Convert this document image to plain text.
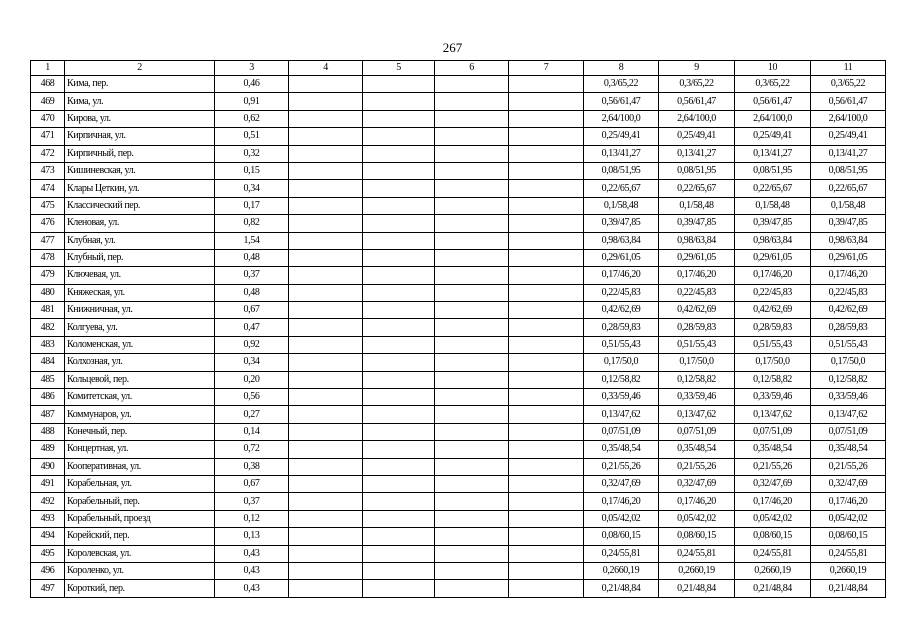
267
1	2	3	4	5	6	7	8	9	10	11
468	Кима, пер.	0,46					0,3/65,22	0,3/65,22	0,3/65,22	0,3/65,22
469	Кима, ул.	0,91					0,56/61,47	0,56/61,47	0,56/61,47	0,56/61,47
470	Кирова, ул.	0,62					2,64/100,0	2,64/100,0	2,64/100,0	2,64/100,0
471	Кирпичная, ул.	0,51					0,25/49,41	0,25/49,41	0,25/49,41	0,25/49,41
472	Кирпичный, пер.	0,32					0,13/41,27	0,13/41,27	0,13/41,27	0,13/41,27
473	Кишиневская, ул.	0,15					0,08/51,95	0,08/51,95	0,08/51,95	0,08/51,95
474	Клары Цеткин, ул.	0,34					0,22/65,67	0,22/65,67	0,22/65,67	0,22/65,67
475	Классический пер.	0,17					0,1/58,48	0,1/58,48	0,1/58,48	0,1/58,48
476	Кленовая, ул.	0,82					0,39/47,85	0,39/47,85	0,39/47,85	0,39/47,85
477	Клубная, ул.	1,54					0,98/63,84	0,98/63,84	0,98/63,84	0,98/63,84
478	Клубный, пер.	0,48					0,29/61,05	0,29/61,05	0,29/61,05	0,29/61,05
479	Ключевая, ул.	0,37					0,17/46,20	0,17/46,20	0,17/46,20	0,17/46,20
480	Княжеская, ул.	0,48					0,22/45,83	0,22/45,83	0,22/45,83	0,22/45,83
481	Книжничная, ул.	0,67					0,42/62,69	0,42/62,69	0,42/62,69	0,42/62,69
482	Колгуева, ул.	0,47					0,28/59,83	0,28/59,83	0,28/59,83	0,28/59,83
483	Коломенская, ул.	0,92					0,51/55,43	0,51/55,43	0,51/55,43	0,51/55,43
484	Колхозная, ул.	0,34					0,17/50,0	0,17/50,0	0,17/50,0	0,17/50,0
485	Кольцевой, пер.	0,20					0,12/58,82	0,12/58,82	0,12/58,82	0,12/58,82
486	Комитетская, ул.	0,56					0,33/59,46	0,33/59,46	0,33/59,46	0,33/59,46
487	Коммунаров, ул.	0,27					0,13/47,62	0,13/47,62	0,13/47,62	0,13/47,62
488	Конечный, пер.	0,14					0,07/51,09	0,07/51,09	0,07/51,09	0,07/51,09
489	Концертная, ул.	0,72					0,35/48,54	0,35/48,54	0,35/48,54	0,35/48,54
490	Кооперативная, ул.	0,38					0,21/55,26	0,21/55,26	0,21/55,26	0,21/55,26
491	Корабельная, ул.	0,67					0,32/47,69	0,32/47,69	0,32/47,69	0,32/47,69
492	Корабельный, пер.	0,37					0,17/46,20	0,17/46,20	0,17/46,20	0,17/46,20
493	Корабельный, проезд	0,12					0,05/42,02	0,05/42,02	0,05/42,02	0,05/42,02
494	Корейский, пер.	0,13					0,08/60,15	0,08/60,15	0,08/60,15	0,08/60,15
495	Королевская, ул.	0,43					0,24/55,81	0,24/55,81	0,24/55,81	0,24/55,81
496	Короленко, ул.	0,43					0,2660,19	0,2660,19	0,2660,19	0,2660,19
497	Короткий, пер.	0,43					0,21/48,84	0,21/48,84	0,21/48,84	0,21/48,84
